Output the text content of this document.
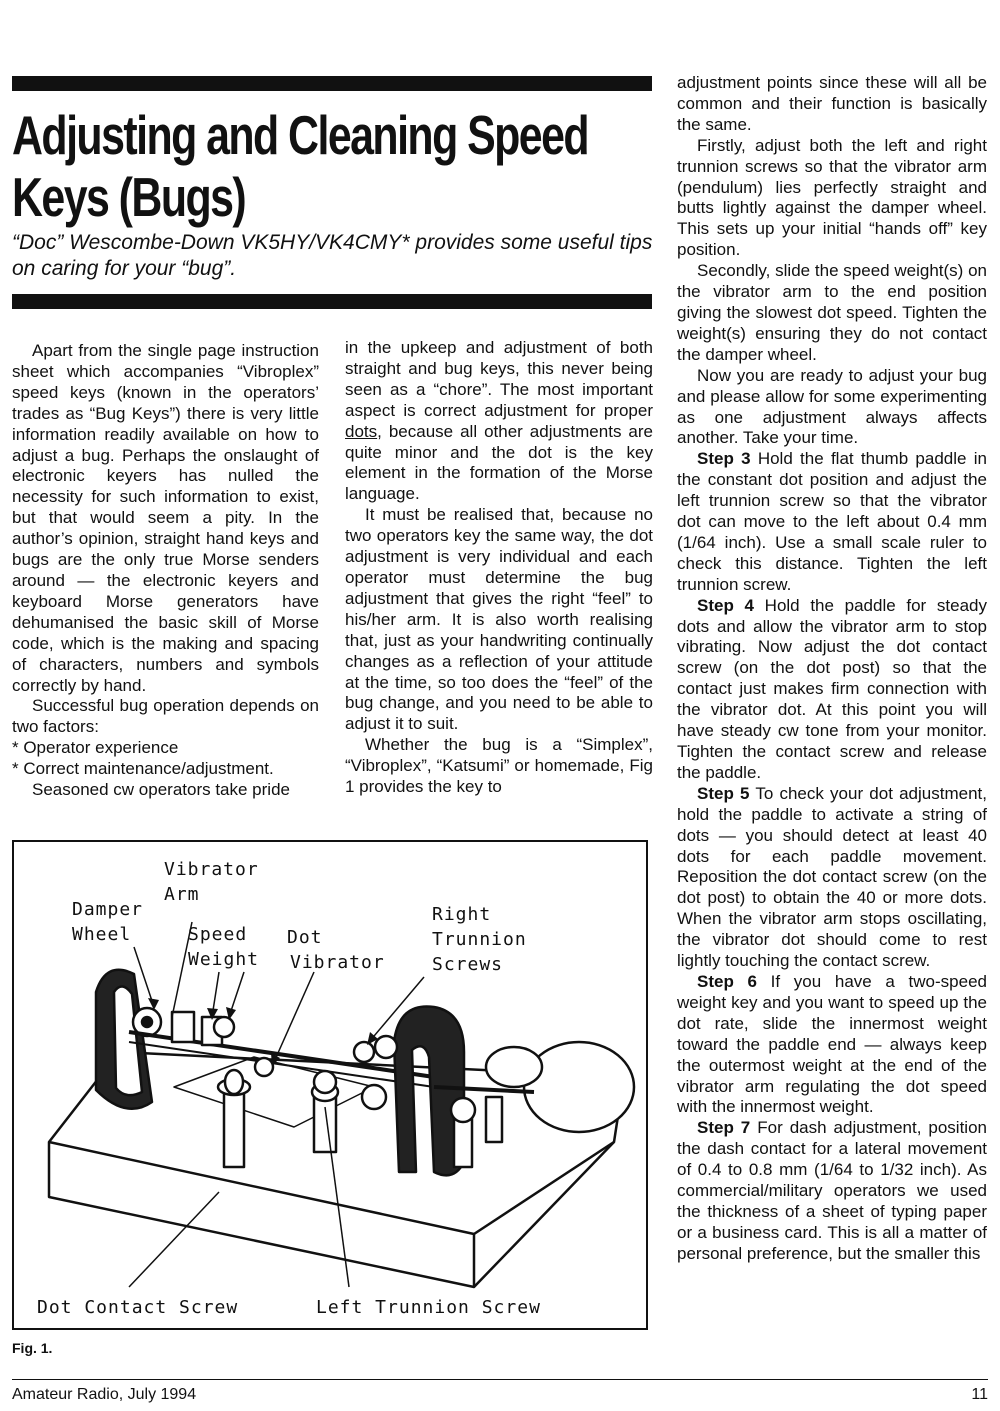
Adjusting and Cleaning Speed Keys (Bugs)

“Doc” Wescombe-Down VK5HY/VK4CMY* provides some useful tips on caring for your “bug”.

Apart from the single page instruction sheet which accompanies “Vibroplex” speed keys (known in the operators’ trades as “Bug Keys”) there is very little information readily available on how to adjust a bug. Perhaps the onslaught of electronic keyers has nulled the necessity for such information to exist, but that would seem a pity. In the author’s opinion, straight hand keys and bugs are the only true Morse senders around — the electronic keyers and keyboard Morse generators have dehumanised the basic skill of Morse code, which is the making and spacing of characters, numbers and symbols correctly by hand.

Successful bug operation depends on two factors:

* Operator experience

* Correct maintenance/adjustment.

Seasoned cw operators take pride

in the upkeep and adjustment of both straight and bug keys, this never being seen as a “chore”. The most important aspect is correct adjustment for proper dots, because all other adjustments are quite minor and the dot is the key element in the formation of the Morse language.

It must be realised that, because no two operators key the same way, the dot adjustment is very individual and each operator must determine the bug adjustment that gives the right “feel” to his/her arm. It is also worth realising that, just as your handwriting continually changes as a reflection of your attitude at the time, so too does the “feel” of the bug change, and you need to be able to adjust it to suit.

Whether the bug is a “Simplex”, “Vibroplex”, “Katsumi” or homemade, Fig 1 provides the key to

adjustment points since these will all be common and their function is basically the same.

Firstly, adjust both the left and right trunnion screws so that the vibrator arm (pendulum) lies perfectly straight and butts lightly against the damper wheel. This sets up your initial “hands off” key position.

Secondly, slide the speed weight(s) on the vibrator arm to the end position giving the slowest dot speed. Tighten the weight(s) ensuring they do not contact the damper wheel.

Now you are ready to adjust your bug and please allow for some experimenting as one adjustment always affects another. Take your time.

Step 3 Hold the flat thumb paddle in the constant dot position and adjust the left trunnion screw so that the vibrator dot can move to the left about 0.4 mm (1/64 inch). Use a small scale ruler to check this distance. Tighten the left trunnion screw.

Step 4 Hold the paddle for steady dots and allow the vibrator arm to stop vibrating. Now adjust the dot contact screw (on the dot post) so that the contact just makes firm connection with the vibrator dot. At this point you will have steady cw tone from your monitor. Tighten the contact screw and release the paddle.

Step 5 To check your dot adjustment, hold the paddle to activate a string of dots — you should detect at least 40 dots for each paddle movement. Reposition the dot contact screw (on the dot post) to obtain the 40 or more dots. When the vibrator arm stops oscillating, the vibrator dot should come to rest lightly touching the contact screw.

Step 6 If you have a two-speed weight key and you want to speed up the dot rate, slide the innermost weight toward the paddle end — always keep the outermost weight at the end of the vibrator arm regulating the dot speed with the innermost weight.

Step 7 For dash adjustment, position the dash contact for a lateral movement of 0.4 to 0.8 mm (1/64 to 1/32 inch). As commercial/military operators we used the thickness of a sheet of typing paper or a business card. This is all a matter of personal preference, but the smaller this

Vibrator
Arm
Damper
Wheel	Speed
Weight
Dot
Vibrator
Right
Trunnion
Screws
Dot Contact Screw	Left Trunnion Screw
Fig. 1.
Amateur Radio, July 1994	11
